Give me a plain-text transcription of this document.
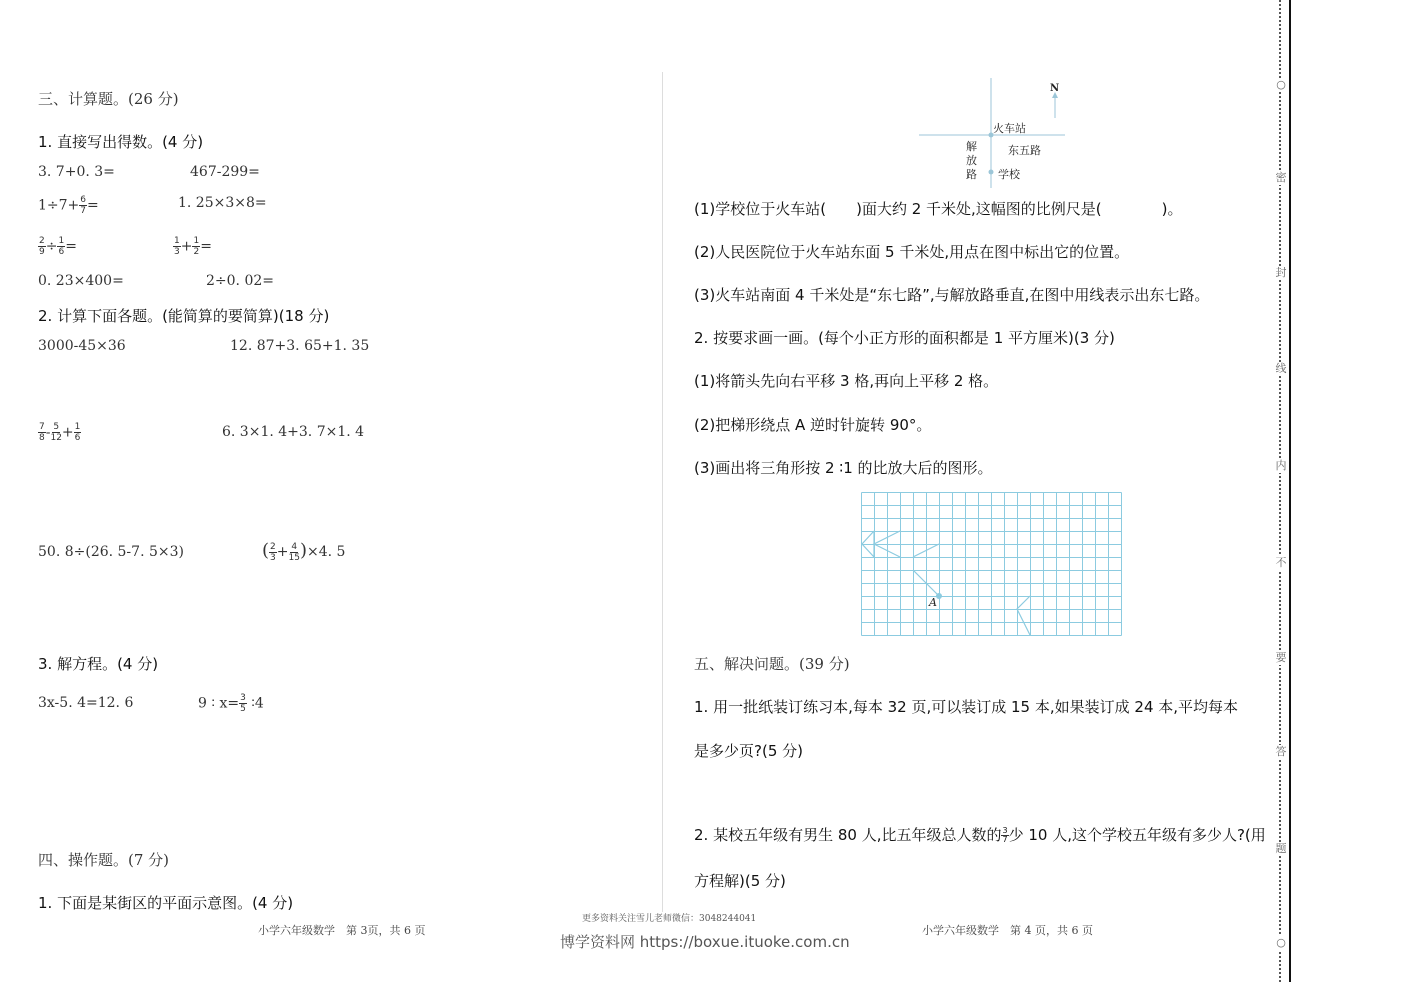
三、计算题。(26 分)
1. 直接写出得数。(4 分)
3. 7+0. 3=	467-299=
$1\div 7+ \frac{6}{7}$ =	1. 25×3×8=
$\frac{2}{9} \div \frac{1}{6}$ =	$\frac{1}{3} + \frac{1}{2}$ =
0. 23×400=	2÷0. 02=
2. 计算下面各题。(能简算的要简算)(18 分)
3000-45×36	12. 87+3. 65+1. 35
$\frac{7}{8} - \frac{5}{12} + \frac{1}{6}$	6. 3×1. 4+3. 7×1. 4
50. 8÷(26. 5-7. 5×3)	( $\frac{2}{3} + \frac{4}{15} )\times 4$. 5
3. 解方程。(4 分)
3x-5. 4=12. 6	9 ∶ $x= \frac{3}{5}$ ∶4
四、操作题。(7 分)
1. 下面是某街区的平面示意图。(4 分)
小学六年级数学　第 3页，共 6 页
N
火车站
东五路
解
放
路 学校
(1)学校位于火车站(　　)面大约 2 千米处,这幅图的比例尺是(　　　　)。
(2)人民医院位于火车站东面 5 千米处,用点在图中标出它的位置。
(3)火车站南面 4 千米处是“东七路”,与解放路垂直,在图中用线表示出东七路。
2. 按要求画一画。(每个小正方形的面积都是 1 平方厘米)(3 分)
(1)将箭头先向右平移 3 格,再向上平移 2 格。
(2)把梯形绕点 A 逆时针旋转 90°。
(3)画出将三角形按 2 ∶1 的比放大后的图形。
A
五、解决问题。(39 分)
1. 用一批纸装订练习本,每本 32 页,可以装订成 15 本,如果装订成 24 本,平均每本
是多少页?(5 分)
2. 某校五年级有男生 80 人,比五年级总人数的 $\frac{3}{7}$ 少 10 人,这个学校五年级有多少人?(用
方程解)(5 分)
更多资料关注雪儿老师微信：3048244041
博学资料网 https://boxue.ituoke.com.cn
小学六年级数学　第 4 页，共 6 页
○
密
封
线
内
不
要
答
题
○
